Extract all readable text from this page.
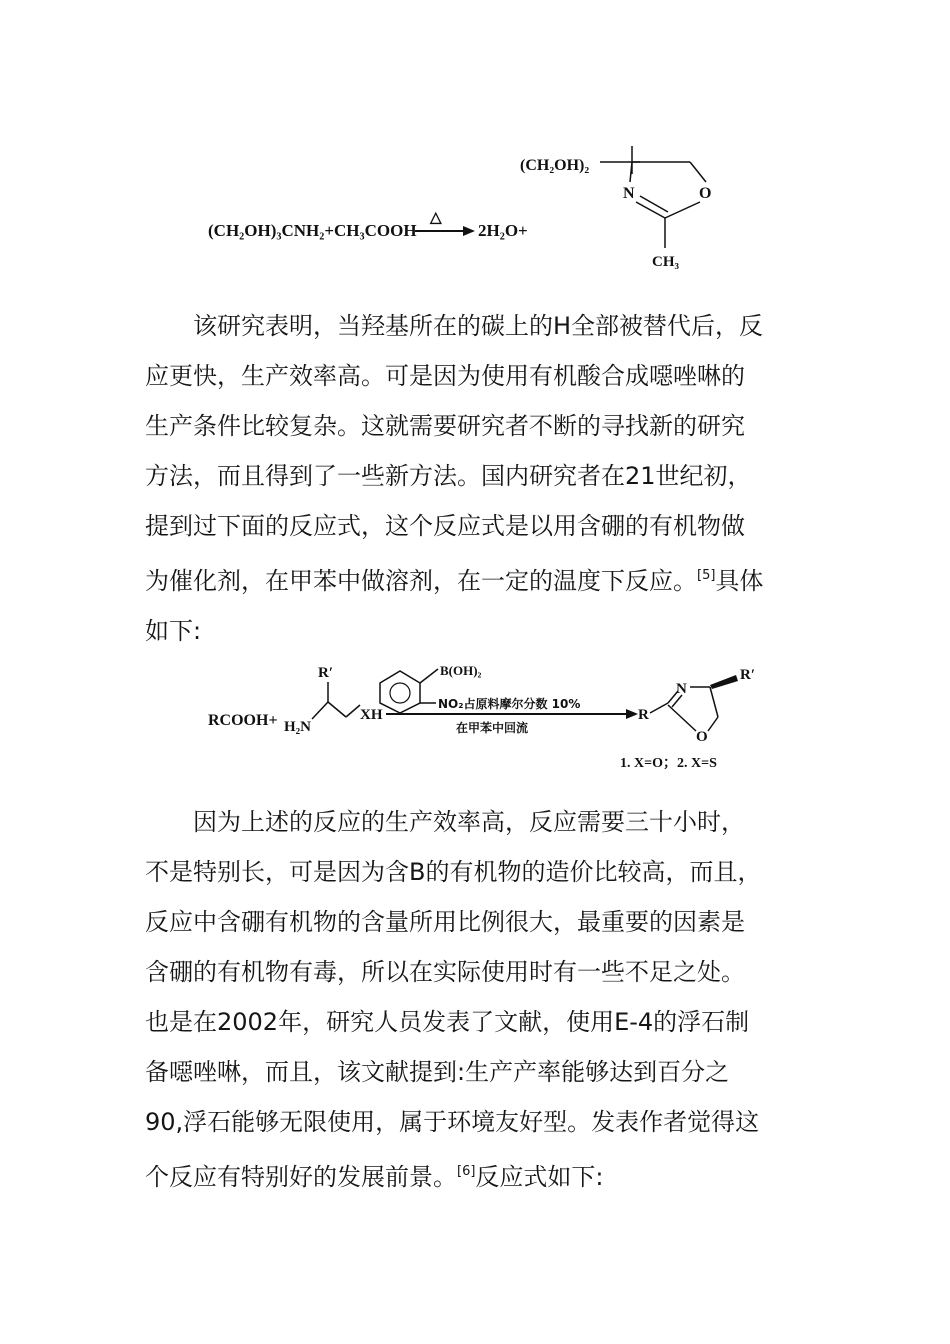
(CH₂OH)₃CNH₂+CH₃COOH
△
2H₂O+
(CH₂OH)₂
N	O
CH₃
该研究表明，当羟基所在的碳上的H全部被替代后，反
应更快，生产效率高。可是因为使用有机酸合成噁唑啉的
生产条件比较复杂。这就需要研究者不断的寻找新的研究
方法，而且得到了一些新方法。国内研究者在21世纪初，
提到过下面的反应式，这个反应式是以用含硼的有机物做
为催化剂，在甲苯中做溶剂，在一定的温度下反应。[5]具体
如下:
RCOOH+ H₂N
R′
XH
B(OH)₂
NO₂占原料摩尔分数 10%
在甲苯中回流
R
N
O
R′
1. X=O；2. X=S
因为上述的反应的生产效率高，反应需要三十小时，
不是特别长，可是因为含B的有机物的造价比较高，而且，
反应中含硼有机物的含量所用比例很大，最重要的因素是
含硼的有机物有毒，所以在实际使用时有一些不足之处。
也是在2002年，研究人员发表了文献，使用E-4的浮石制
备噁唑啉，而且，该文献提到:生产产率能够达到百分之
90,浮石能够无限使用，属于环境友好型。发表作者觉得这
个反应有特别好的发展前景。[6]反应式如下:
